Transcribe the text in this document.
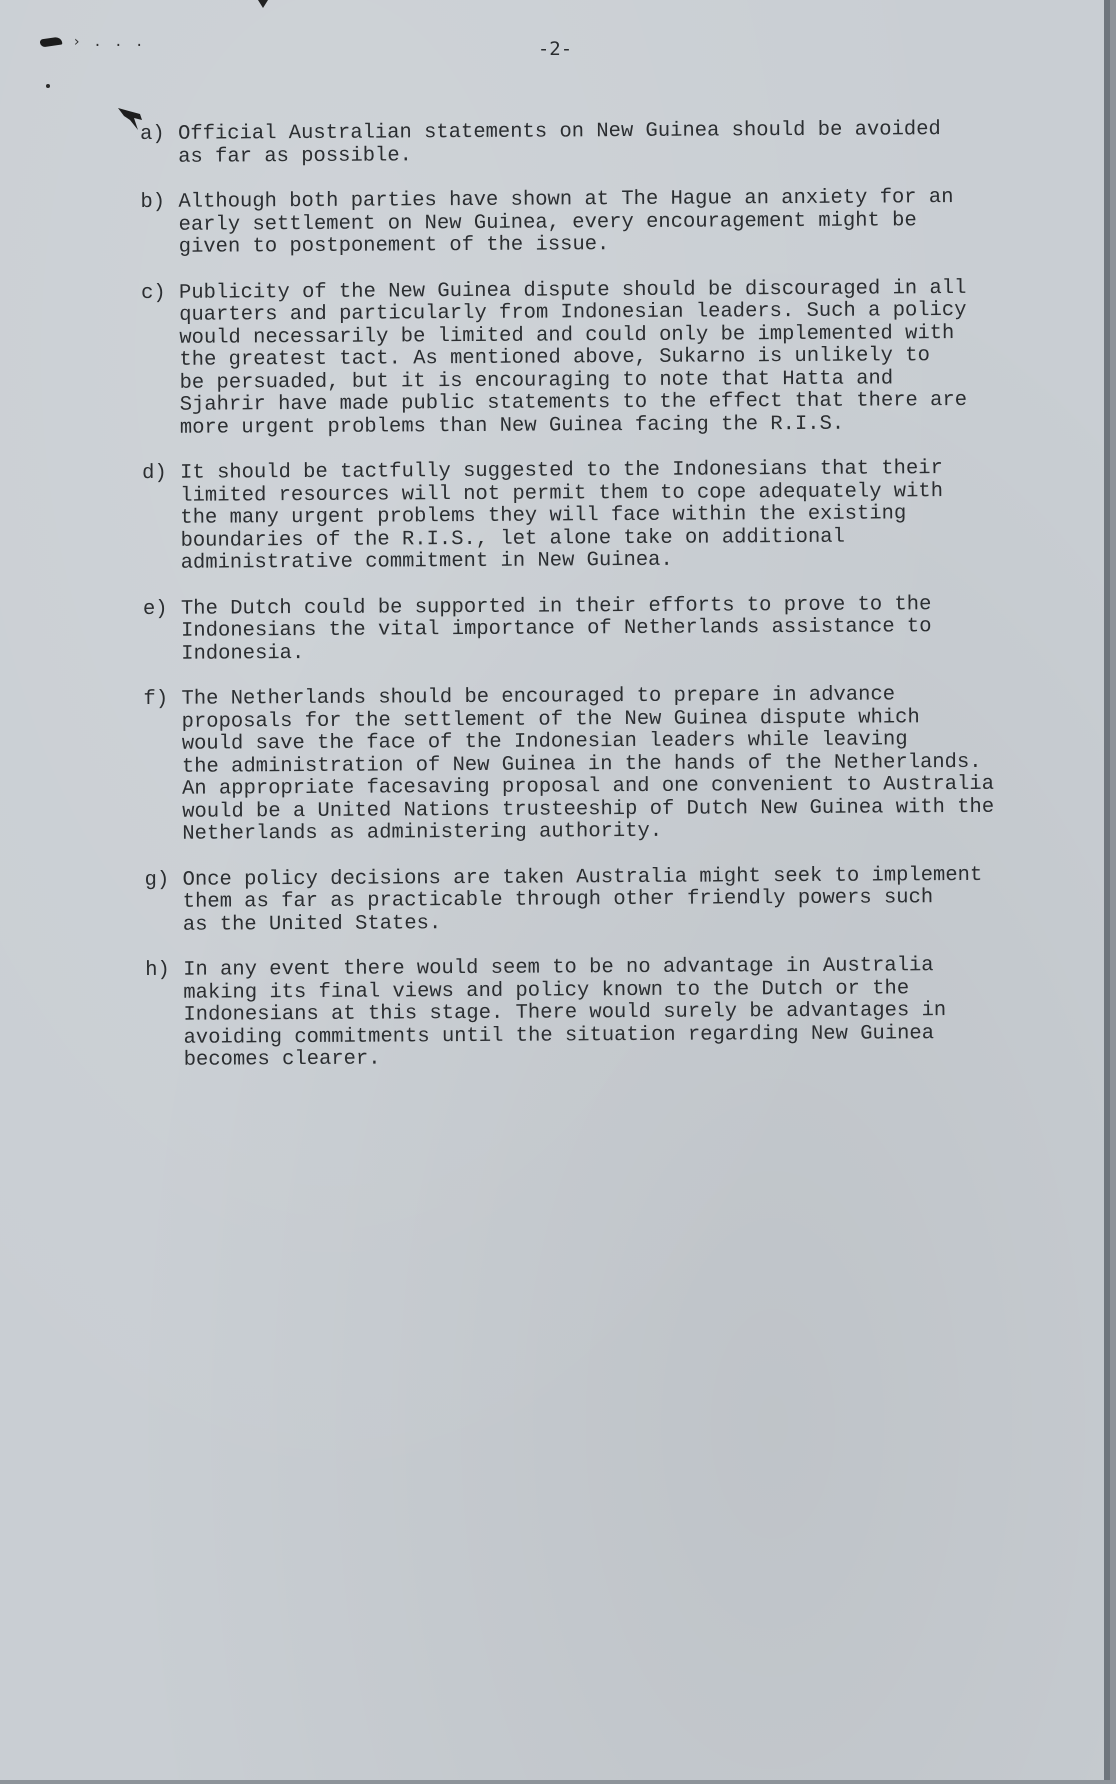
› . . .	-2-
a) Official Australian statements on New Guinea should be avoided
as far as possible.
b) Although both parties have shown at The Hague an anxiety for an
early settlement on New Guinea, every encouragement might be
given to postponement of the issue.
c) Publicity of the New Guinea dispute should be discouraged in all
quarters and particularly from Indonesian leaders. Such a policy
would necessarily be limited and could only be implemented with
the greatest tact. As mentioned above, Sukarno is unlikely to
be persuaded, but it is encouraging to note that Hatta and
Sjahrir have made public statements to the effect that there are
more urgent problems than New Guinea facing the R.I.S.
d) It should be tactfully suggested to the Indonesians that their
limited resources will not permit them to cope adequately with
the many urgent problems they will face within the existing
boundaries of the R.I.S., let alone take on additional
administrative commitment in New Guinea.
e) The Dutch could be supported in their efforts to prove to the
Indonesians the vital importance of Netherlands assistance to
Indonesia.
f) The Netherlands should be encouraged to prepare in advance
proposals for the settlement of the New Guinea dispute which
would save the face of the Indonesian leaders while leaving
the administration of New Guinea in the hands of the Netherlands.
An appropriate facesaving proposal and one convenient to Australia
would be a United Nations trusteeship of Dutch New Guinea with the
Netherlands as administering authority.
g) Once policy decisions are taken Australia might seek to implement
them as far as practicable through other friendly powers such
as the United States.
h) In any event there would seem to be no advantage in Australia
making its final views and policy known to the Dutch or the
Indonesians at this stage. There would surely be advantages in
avoiding commitments until the situation regarding New Guinea
becomes clearer.
